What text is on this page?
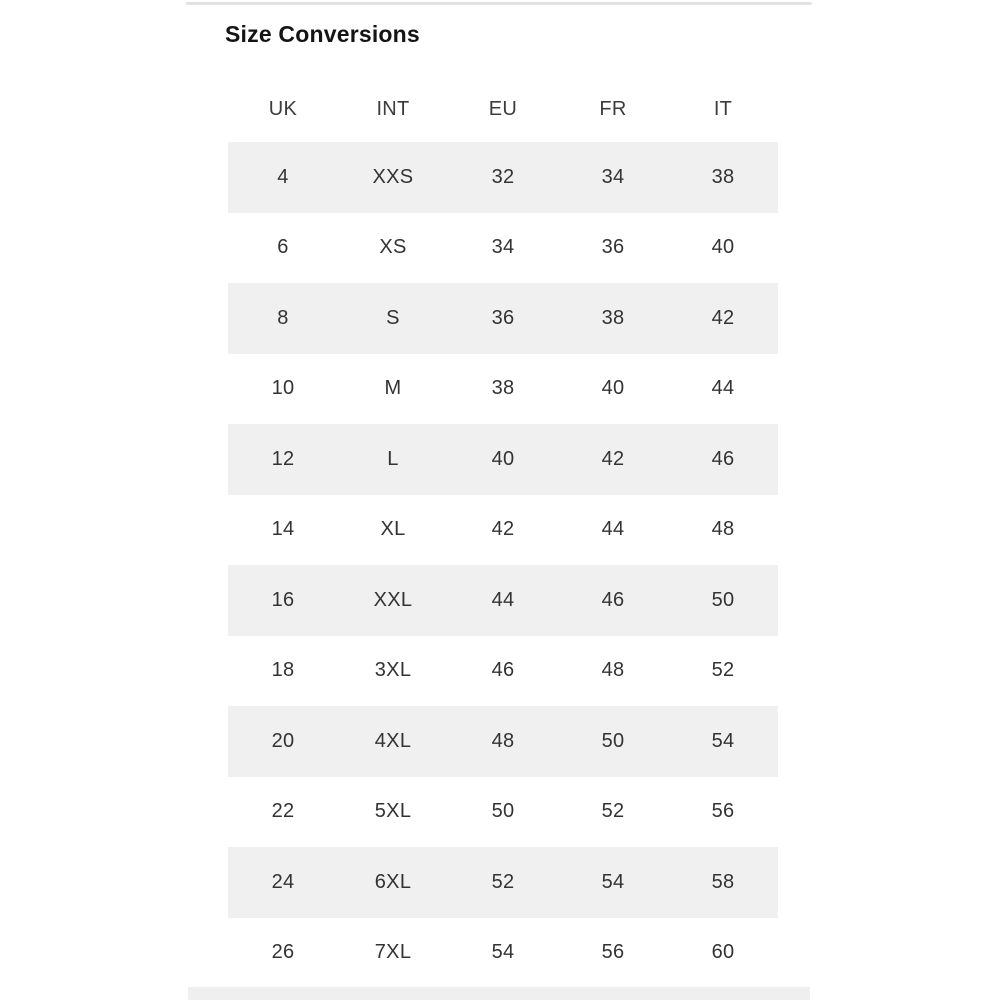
Size Conversions
UK	INT	EU	FR	IT
4	XXS	32	34	38
6	XS	34	36	40
8	S	36	38	42
10	M	38	40	44
12	L	40	42	46
14	XL	42	44	48
16	XXL	44	46	50
18	3XL	46	48	52
20	4XL	48	50	54
22	5XL	50	52	56
24	6XL	52	54	58
26	7XL	54	56	60
